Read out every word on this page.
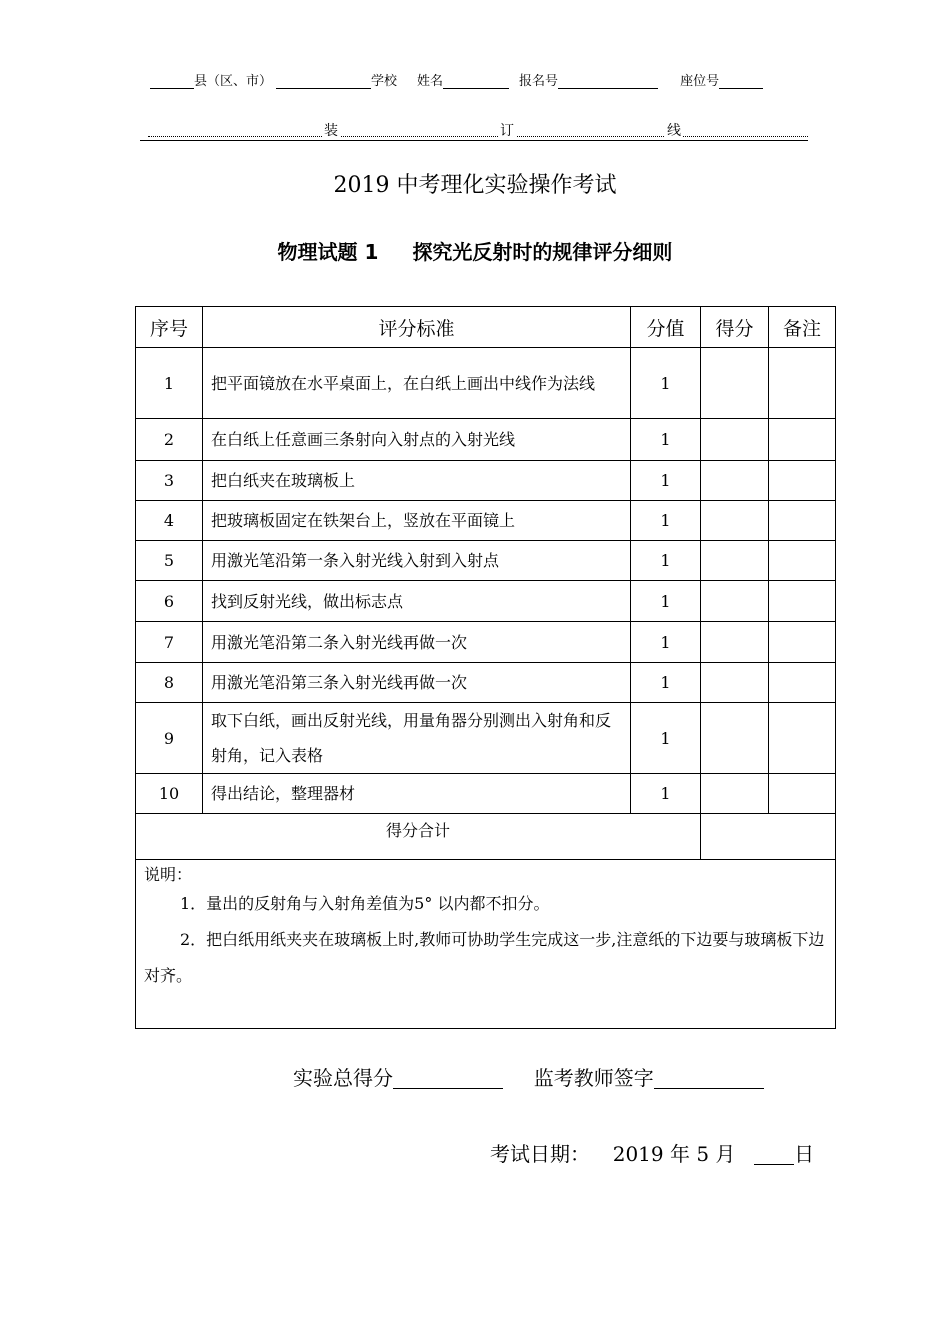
县（区、市）	学校 姓名	报名号	座位号
装	订	线
2019 中考理化实验操作考试
物理试题 1 探究光反射时的规律评分细则
序号	评分标准	分值	得分	备注
1	把平面镜放在水平桌面上，在白纸上画出中线作为法线	1		
2	在白纸上任意画三条射向入射点的入射光线	1		
3	把白纸夹在玻璃板上	1		
4	把玻璃板固定在铁架台上，竖放在平面镜上	1		
5	用激光笔沿第一条入射光线入射到入射点	1		
6	找到反射光线，做出标志点	1		
7	用激光笔沿第二条入射光线再做一次	1		
8	用激光笔沿第三条入射光线再做一次	1		
9	取下白纸，画出反射光线，用量角器分别测出入射角和反射角，记入表格	1		
10	得出结论，整理器材	1		
得分合计				

说明：
1．量出的反射角与入射角差值为5° 以内都不扣分。
2．把白纸用纸夹夹在玻璃板上时,教师可协助学生完成这一步,注意纸的下边要与玻璃板下边对齐。				
实验总得分	监考教师签字
考试日期： 2019 年 5 月	日
